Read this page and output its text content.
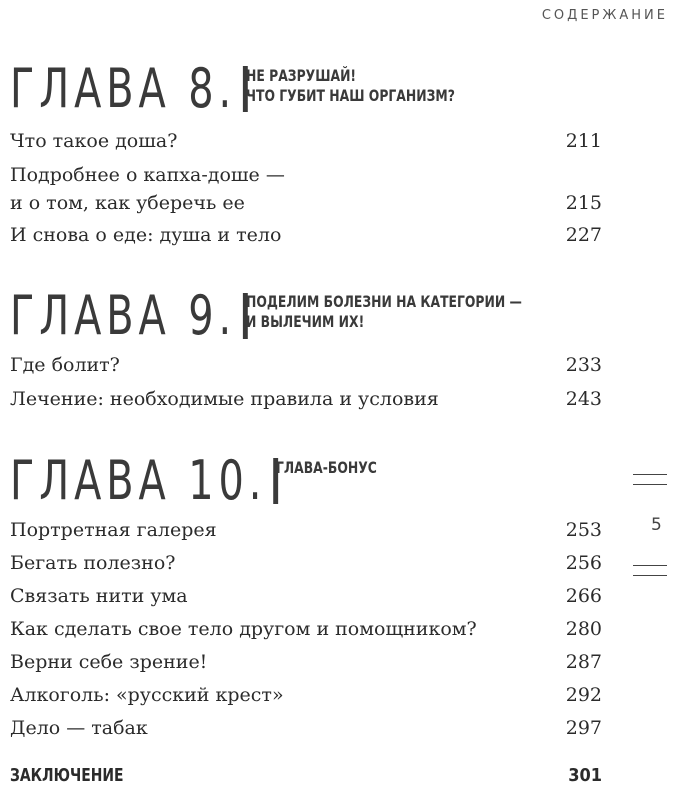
СОДЕРЖАНИЕ
ГЛАВА 8. НЕ РАЗРУШАЙ!
ЧТО ГУБИТ НАШ ОРГАНИЗМ?
Что такое доша?	211
Подробнее о капха-доше —
и о том, как уберечь ее	215
И снова о еде: душа и тело	227
ГЛАВА 9. ПОДЕЛИМ БОЛЕЗНИ НА КАТЕГОРИИ —
И ВЫЛЕЧИМ ИХ!
Где болит?	233
Лечение: необходимые правила и условия	243
ГЛАВА 10. ГЛАВА-БОНУС
Портретная галерея	253
Бегать полезно?	256
Связать нити ума	266
Как сделать свое тело другом и помощником?	280
Верни себе зрение!	287
Алкоголь: «русский крест»	292
Дело — табак	297
ЗАКЛЮЧЕНИЕ	301
5
